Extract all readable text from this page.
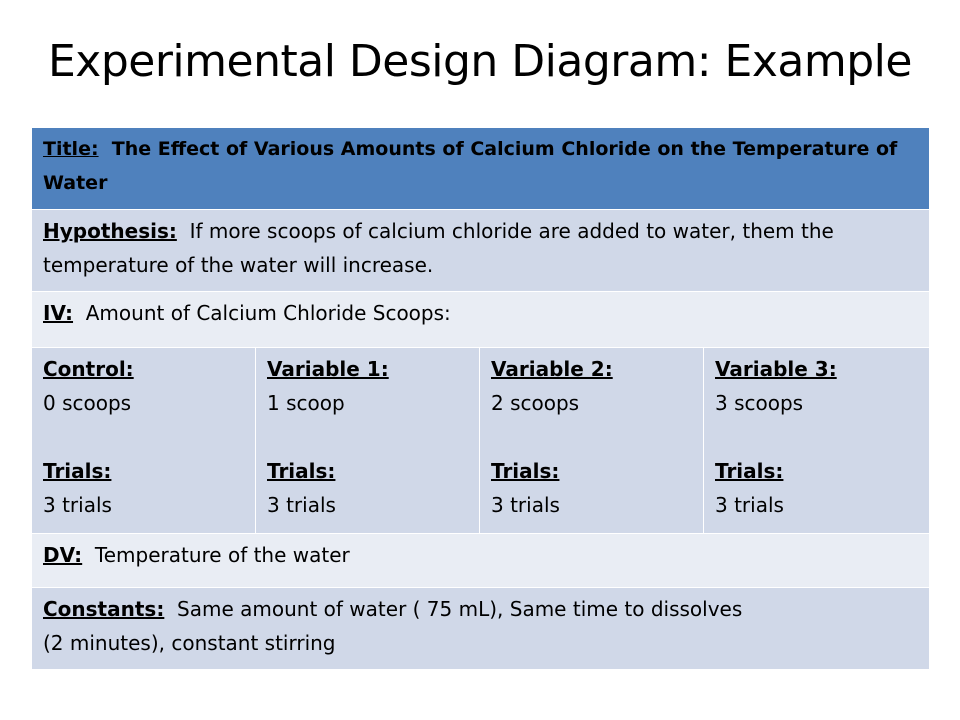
Experimental Design Diagram: Example
Title: The Effect of Various Amounts of Calcium Chloride on the Temperature of Water
Hypothesis: If more scoops of calcium chloride are added to water, them the temperature of the water will increase.
IV: Amount of Calcium Chloride Scoops:

Control:
0 scoops
Trials:
3 trials

Variable 1:
1 scoop
Trials:
3 trials

Variable 2:
2 scoops
Trials:
3 trials

Variable 3:
3 scoops
Trials:
3 trials

DV: Temperature of the water
Constants: Same amount of water ( 75 mL), Same time to dissolves
(2 minutes), constant stirring
